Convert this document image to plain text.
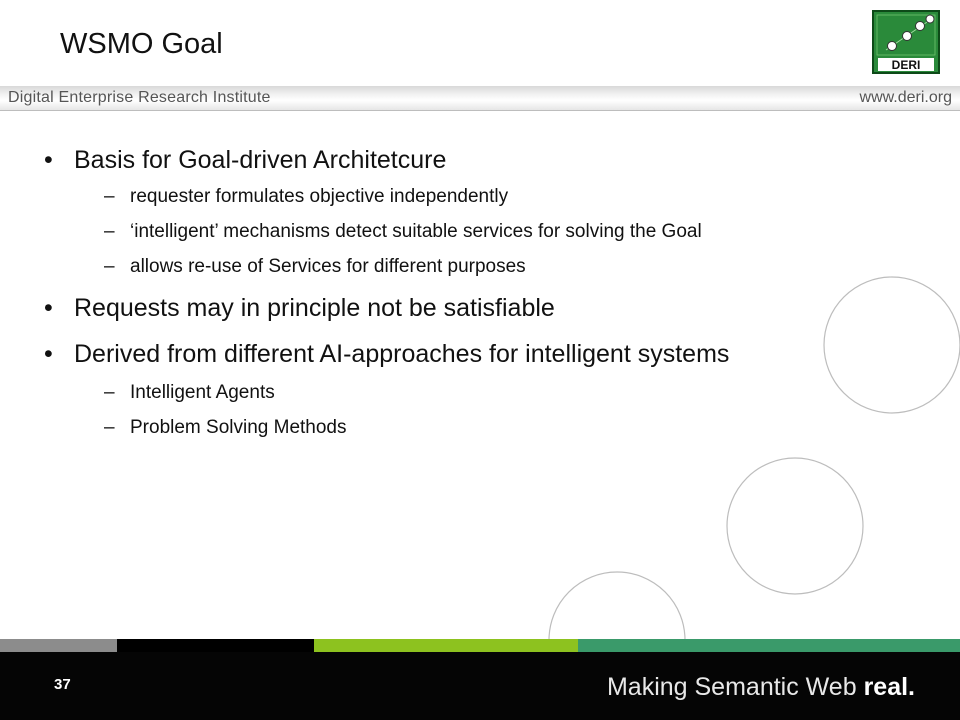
WSMO Goal
DERI
Digital Enterprise Research Institute	www.deri.org
• Basis for Goal-driven Architetcure
– requester formulates objective independently
– ‘intelligent’ mechanisms detect suitable services for solving the Goal
– allows re-use of Services for different purposes
• Requests may in principle not be satisfiable
• Derived from different AI-approaches for intelligent systems
– Intelligent Agents
– Problem Solving Methods
37	Making Semantic Web real.
